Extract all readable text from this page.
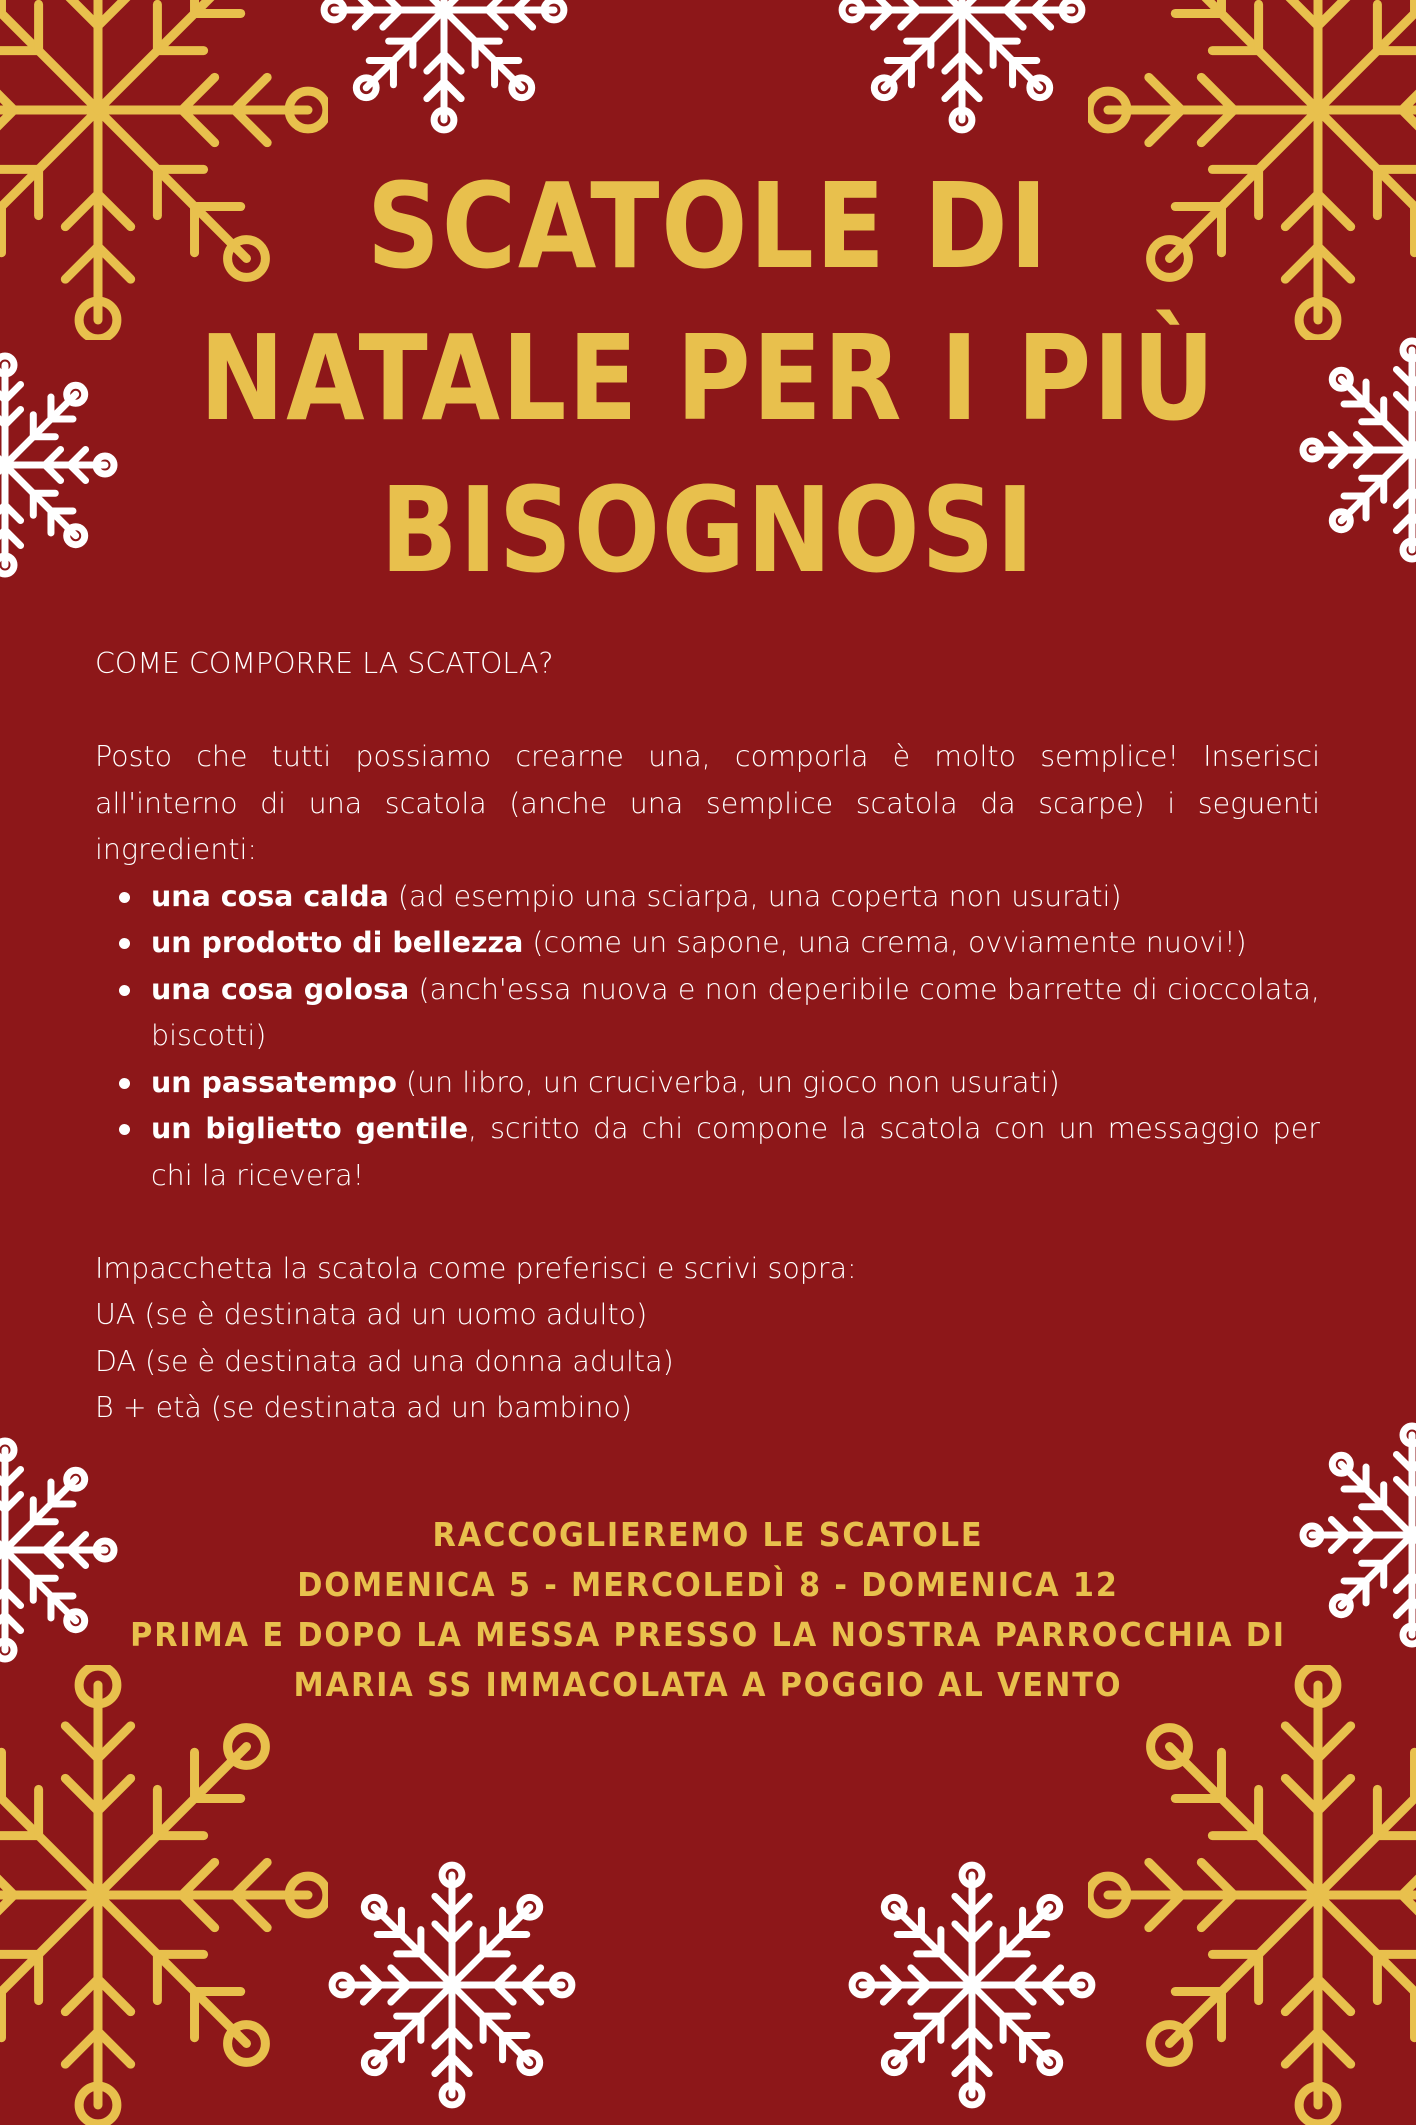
SCATOLE DI
NATALE PER I PIÙ
BISOGNOSI

COME COMPORRE LA SCATOLA?

Posto che tutti possiamo crearne una, comporla è molto semplice! Inserisci all'interno di una scatola (anche una semplice scatola da scarpe) i seguenti ingredienti:

una cosa calda (ad esempio una sciarpa, una coperta non usurati)
un prodotto di bellezza (come un sapone, una crema, ovviamente nuovi!)
una cosa golosa (anch'essa nuova e non deperibile come barrette di cioccolata, biscotti)
un passatempo (un libro, un cruciverba, un gioco non usurati)
un biglietto gentile, scritto da chi compone la scatola con un messaggio per chi la ricevera!

Impacchetta la scatola come preferisci e scrivi sopra:

UA (se è destinata ad un uomo adulto)

DA (se è destinata ad una donna adulta)

B + età (se destinata ad un bambino)

RACCOGLIEREMO LE SCATOLE
DOMENICA 5 - MERCOLEDÌ 8 - DOMENICA 12
PRIMA E DOPO LA MESSA PRESSO LA NOSTRA PARROCCHIA DI
MARIA SS IMMACOLATA A POGGIO AL VENTO
